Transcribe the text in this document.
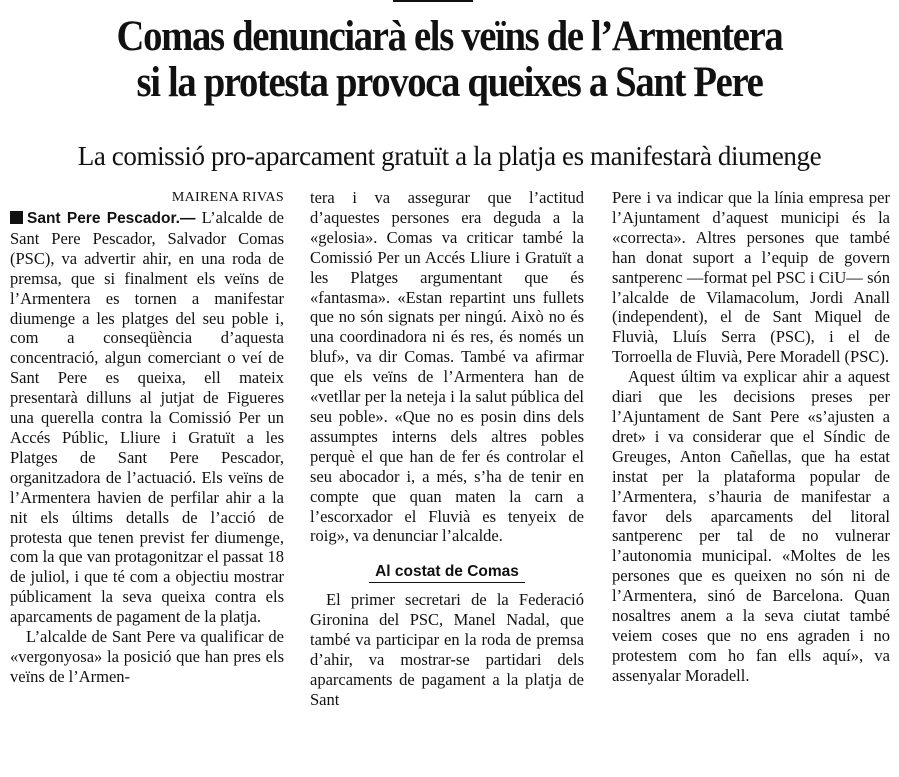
Comas denunciarà els veïns de l’Armentera
si la protesta provoca queixes a Sant Pere
La comissió pro-aparcament gratuït a la platja es manifestarà diumenge

MAIRENA RIVAS

Sant Pere Pescador.— L’alcalde de Sant Pere Pescador, Salvador Comas (PSC), va advertir ahir, en una roda de premsa, que si finalment els veïns de l’Armentera es tornen a manifestar diumenge a les platges del seu poble i, com a conseqüència d’aquesta concentració, algun comerciant o veí de Sant Pere es queixa, ell mateix presentarà dilluns al jutjat de Figueres una querella contra la Comissió Per un Accés Públic, Lliure i Gratuït a les Platges de Sant Pere Pescador, organitzadora de l’actuació. Els veïns de l’Armentera havien de perfilar ahir a la nit els últims detalls de l’acció de protesta que tenen previst fer diumenge, com la que van protagonitzar el passat 18 de juliol, i que té com a objectiu mostrar públicament la seva queixa contra els aparcaments de pagament de la platja.

L’alcalde de Sant Pere va qualificar de «vergonyosa» la posició que han pres els veïns de l’Armen-

tera i va assegurar que l’actitud d’aquestes persones era deguda a la «gelosia». Comas va criticar també la Comissió Per un Accés Lliure i Gratuït a les Platges argumentant que és «fantasma». «Estan repartint uns fullets que no són signats per ningú. Això no és una coordinadora ni és res, és només un bluf», va dir Comas. També va afirmar que els veïns de l’Armentera han de «vetllar per la neteja i la salut pública del seu poble». «Que no es posin dins dels assumptes interns dels altres pobles perquè el que han de fer és controlar el seu abocador i, a més, s’ha de tenir en compte que quan maten la carn a l’escorxador el Fluvià es tenyeix de roig», va denunciar l’alcalde.

Al costat de Comas

El primer secretari de la Federació Gironina del PSC, Manel Nadal, que també va participar en la roda de premsa d’ahir, va mostrar-se partidari dels aparcaments de pagament a la platja de Sant

Pere i va indicar que la línia empresa per l’Ajuntament d’aquest municipi és la «correcta». Altres persones que també han donat suport a l’equip de govern santperenc —format pel PSC i CiU— són l’alcalde de Vilamacolum, Jordi Anall (independent), el de Sant Miquel de Fluvià, Lluís Serra (PSC), i el de Torroella de Fluvià, Pere Moradell (PSC).

Aquest últim va explicar ahir a aquest diari que les decisions preses per l’Ajuntament de Sant Pere «s’ajusten a dret» i va considerar que el Síndic de Greuges, Anton Cañellas, que ha estat instat per la plataforma popular de l’Armentera, s’hauria de manifestar a favor dels aparcaments del litoral santperenc per tal de no vulnerar l’autonomia municipal. «Moltes de les persones que es queixen no són ni de l’Armentera, sinó de Barcelona. Quan nosaltres anem a la seva ciutat també veiem coses que no ens agraden i no protestem com ho fan ells aquí», va assenyalar Moradell.
